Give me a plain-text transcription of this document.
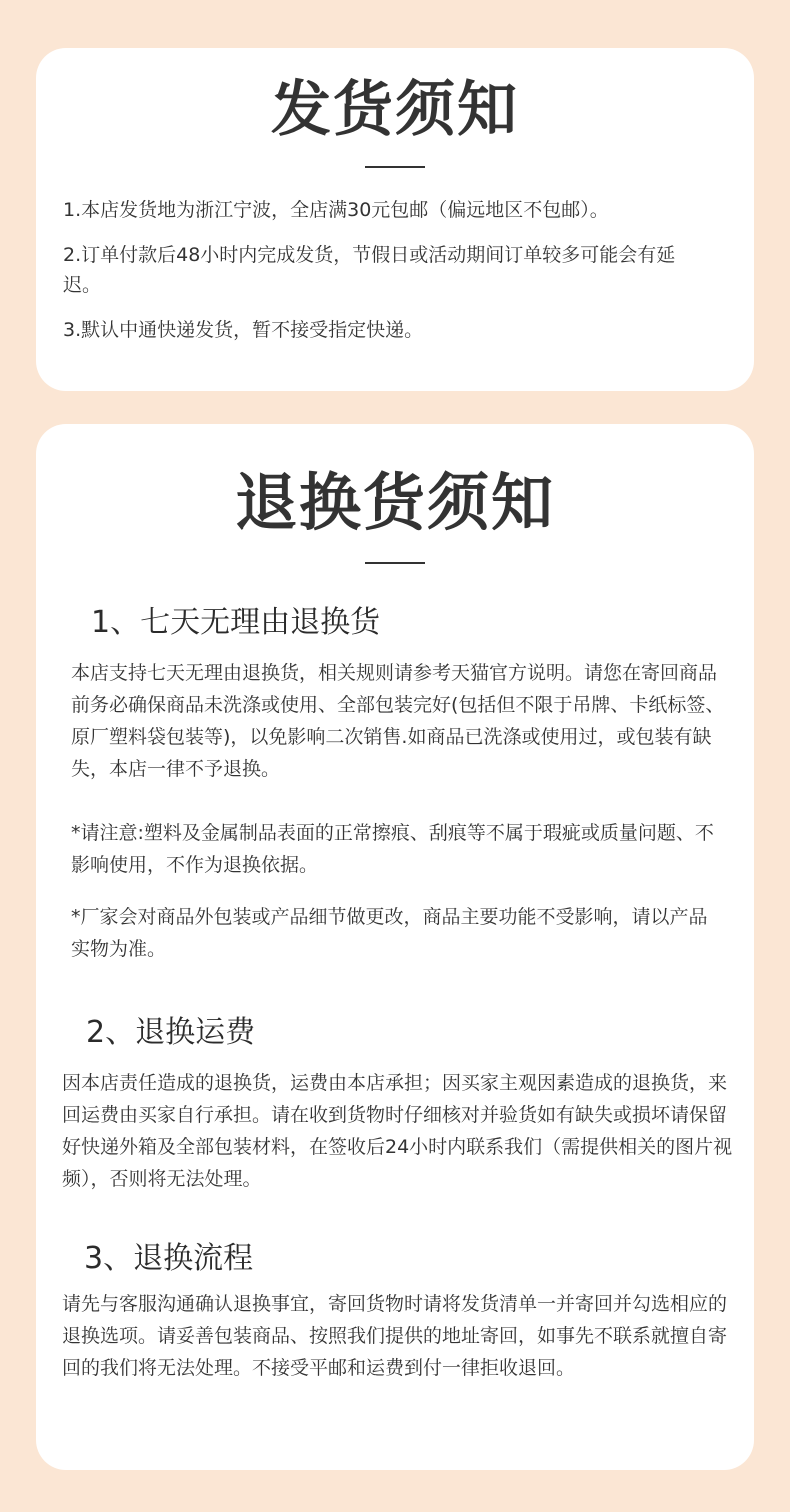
发货须知

1.本店发货地为浙江宁波，全店满30元包邮（偏远地区不包邮）。

2.订单付款后48小时内完成发货，节假日或活动期间订单较多可能会有延迟。

3.默认中通快递发货，暂不接受指定快递。

退换货须知
1、七天无理由退换货

本店支持七天无理由退换货，相关规则请参考天猫官方说明。请您在寄回商品前务必确保商品未洗涤或使用、全部包装完好(包括但不限于吊牌、卡纸标签、原厂塑料袋包装等)，以免影响二次销售.如商品已洗涤或使用过，或包装有缺失，本店一律不予退换。

*请注意:塑料及金属制品表面的正常擦痕、刮痕等不属于瑕疵或质量问题、不影响使用，不作为退换依据。

*厂家会对商品外包装或产品细节做更改，商品主要功能不受影响，请以产品实物为准。

2、退换运费

因本店责任造成的退换货，运费由本店承担；因买家主观因素造成的退换货，来回运费由买家自行承担。请在收到货物时仔细核对并验货如有缺失或损坏请保留好快递外箱及全部包装材料，在签收后24小时内联系我们（需提供相关的图片视频），否则将无法处理。

3、退换流程

请先与客服沟通确认退换事宜，寄回货物时请将发货清单一并寄回并勾选相应的退换选项。请妥善包装商品、按照我们提供的地址寄回，如事先不联系就擅自寄回的我们将无法处理。不接受平邮和运费到付一律拒收退回。
